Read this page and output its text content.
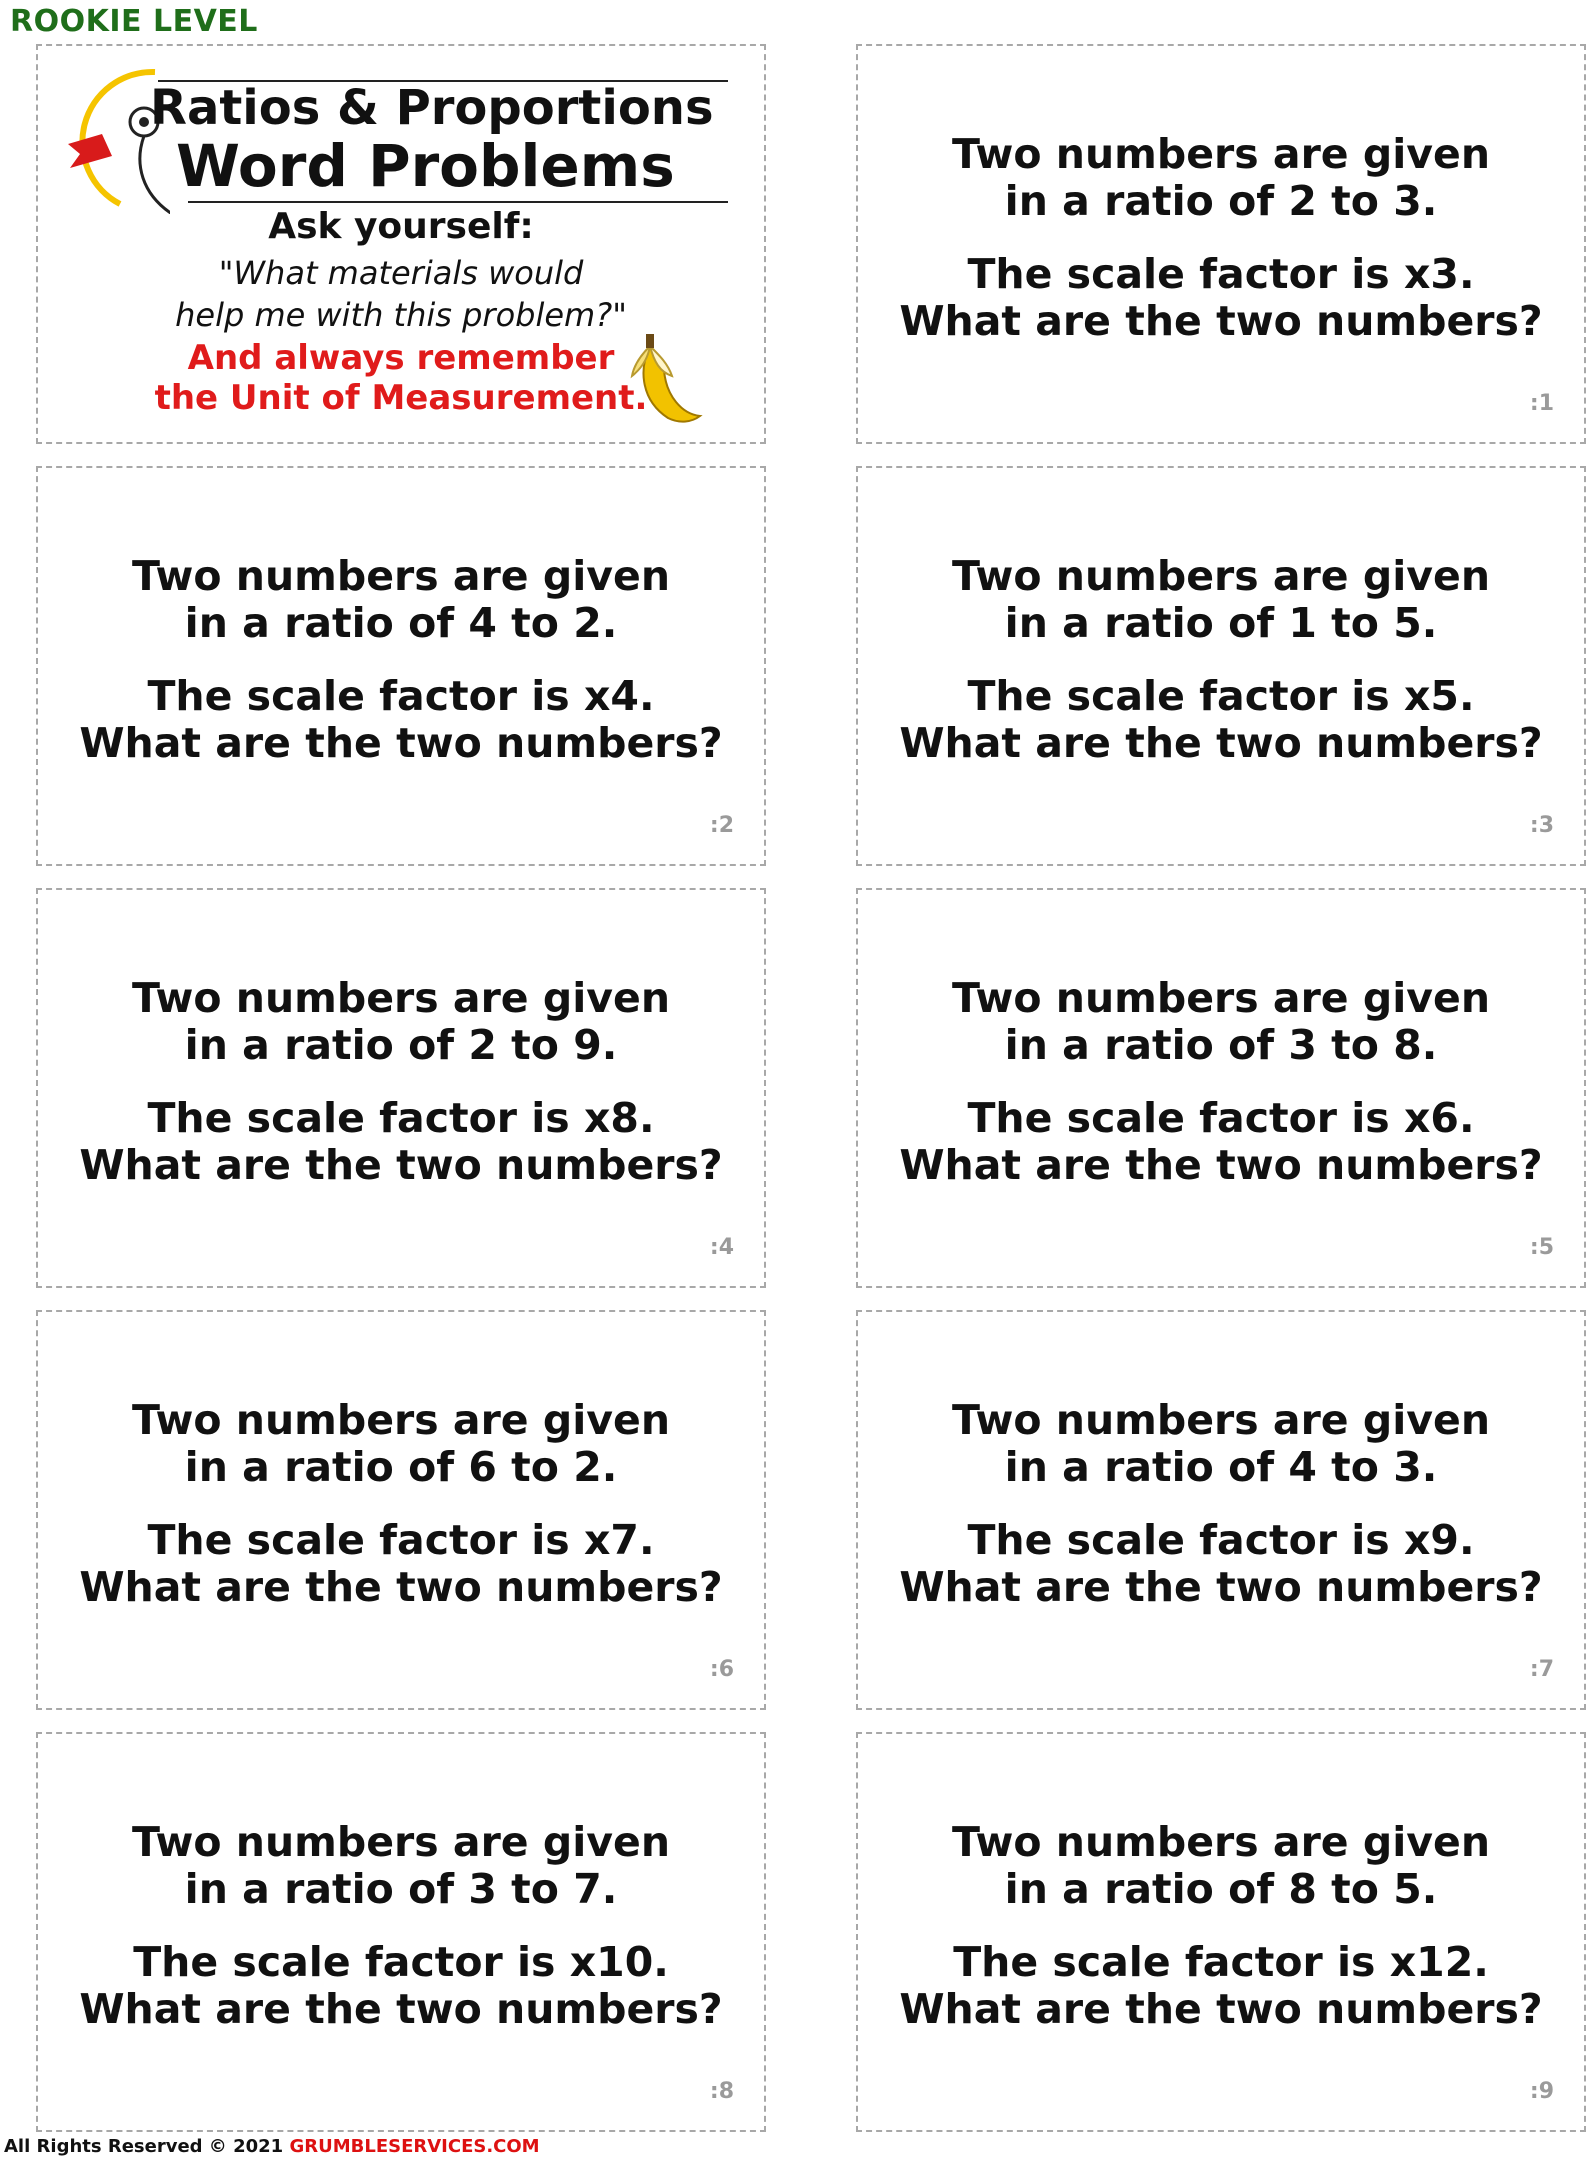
ROOKIE LEVEL
Ratios & Proportions
Word Problems
Ask yourself:
"What materials would
help me with this problem?"
And always remember
the Unit of Measurement.
Two numbers are given
in a ratio of 2 to 3.
The scale factor is x3.
What are the two numbers?
:1
Two numbers are given
in a ratio of 4 to 2.
The scale factor is x4.
What are the two numbers?
:2
Two numbers are given
in a ratio of 1 to 5.
The scale factor is x5.
What are the two numbers?
:3
Two numbers are given
in a ratio of 2 to 9.
The scale factor is x8.
What are the two numbers?
:4
Two numbers are given
in a ratio of 3 to 8.
The scale factor is x6.
What are the two numbers?
:5
Two numbers are given
in a ratio of 6 to 2.
The scale factor is x7.
What are the two numbers?
:6
Two numbers are given
in a ratio of 4 to 3.
The scale factor is x9.
What are the two numbers?
:7
Two numbers are given
in a ratio of 3 to 7.
The scale factor is x10.
What are the two numbers?
:8
Two numbers are given
in a ratio of 8 to 5.
The scale factor is x12.
What are the two numbers?
:9
All Rights Reserved © 2021 GRUMBLESERVICES.COM
